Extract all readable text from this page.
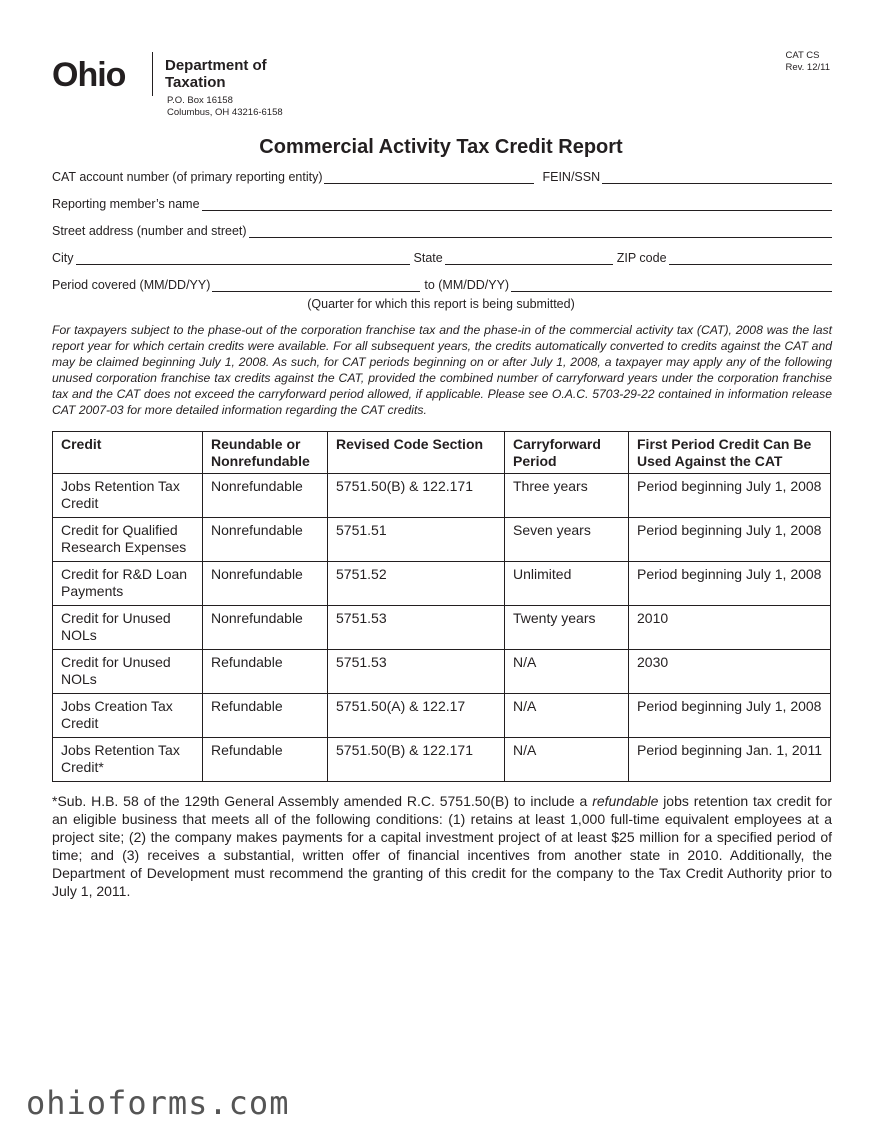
Ohio	Department of
Taxation
P.O. Box 16158
Columbus, OH 43216-6158
CAT CS
Rev. 12/11
Commercial Activity Tax Credit Report
CAT account number (of primary reporting entity)	FEIN/SSN
Reporting member’s name
Street address (number and street)
City	State	ZIP code
Period covered (MM/DD/YY)	to (MM/DD/YY)
(Quarter for which this report is being submitted)
For taxpayers subject to the phase-out of the corporation franchise tax and the phase-in of the commercial activity tax (CAT), 2008 was the last report year for which certain credits were available. For all subsequent years, the credits automatically converted to credits against the CAT and may be claimed beginning July 1, 2008. As such, for CAT periods beginning on or after July 1, 2008, a taxpayer may apply any of the following unused corporation franchise tax credits against the CAT, provided the combined number of carryforward years under the corporation franchise tax and the CAT does not exceed the carryforward period allowed, if applicable. Please see O.A.C. 5703-29-22 contained in information release CAT 2007-03 for more detailed information regarding the CAT credits.
Credit	Reundable or Nonrefundable	Revised Code Section	Carryforward Period	First Period Credit Can Be Used Against the CAT
Jobs Retention Tax Credit	Nonrefundable	5751.50(B) & 122.171	Three years	Period beginning July 1, 2008
Credit for Qualified Research Expenses	Nonrefundable	5751.51	Seven years	Period beginning July 1, 2008
Credit for R&D Loan Payments	Nonrefundable	5751.52	Unlimited	Period beginning July 1, 2008
Credit for Unused NOLs	Nonrefundable	5751.53	Twenty years	2010
Credit for Unused NOLs	Refundable	5751.53	N/A	2030
Jobs Creation Tax Credit	Refundable	5751.50(A) & 122.17	N/A	Period beginning July 1, 2008
Jobs Retention Tax Credit*	Refundable	5751.50(B) & 122.171	N/A	Period beginning Jan. 1, 2011
*Sub. H.B. 58 of the 129th General Assembly amended R.C. 5751.50(B) to include a refundable jobs retention tax credit for an eligible business that meets all of the following conditions: (1) retains at least 1,000 full-time equivalent employees at a project site; (2) the company makes payments for a capital investment project of at least $25 million for a specified period of time; and (3) receives a substantial, written offer of financial incentives from another state in 2010. Additionally, the Department of Development must recommend the granting of this credit for the company to the Tax Credit Authority prior to July 1, 2011.
ohioforms.com
